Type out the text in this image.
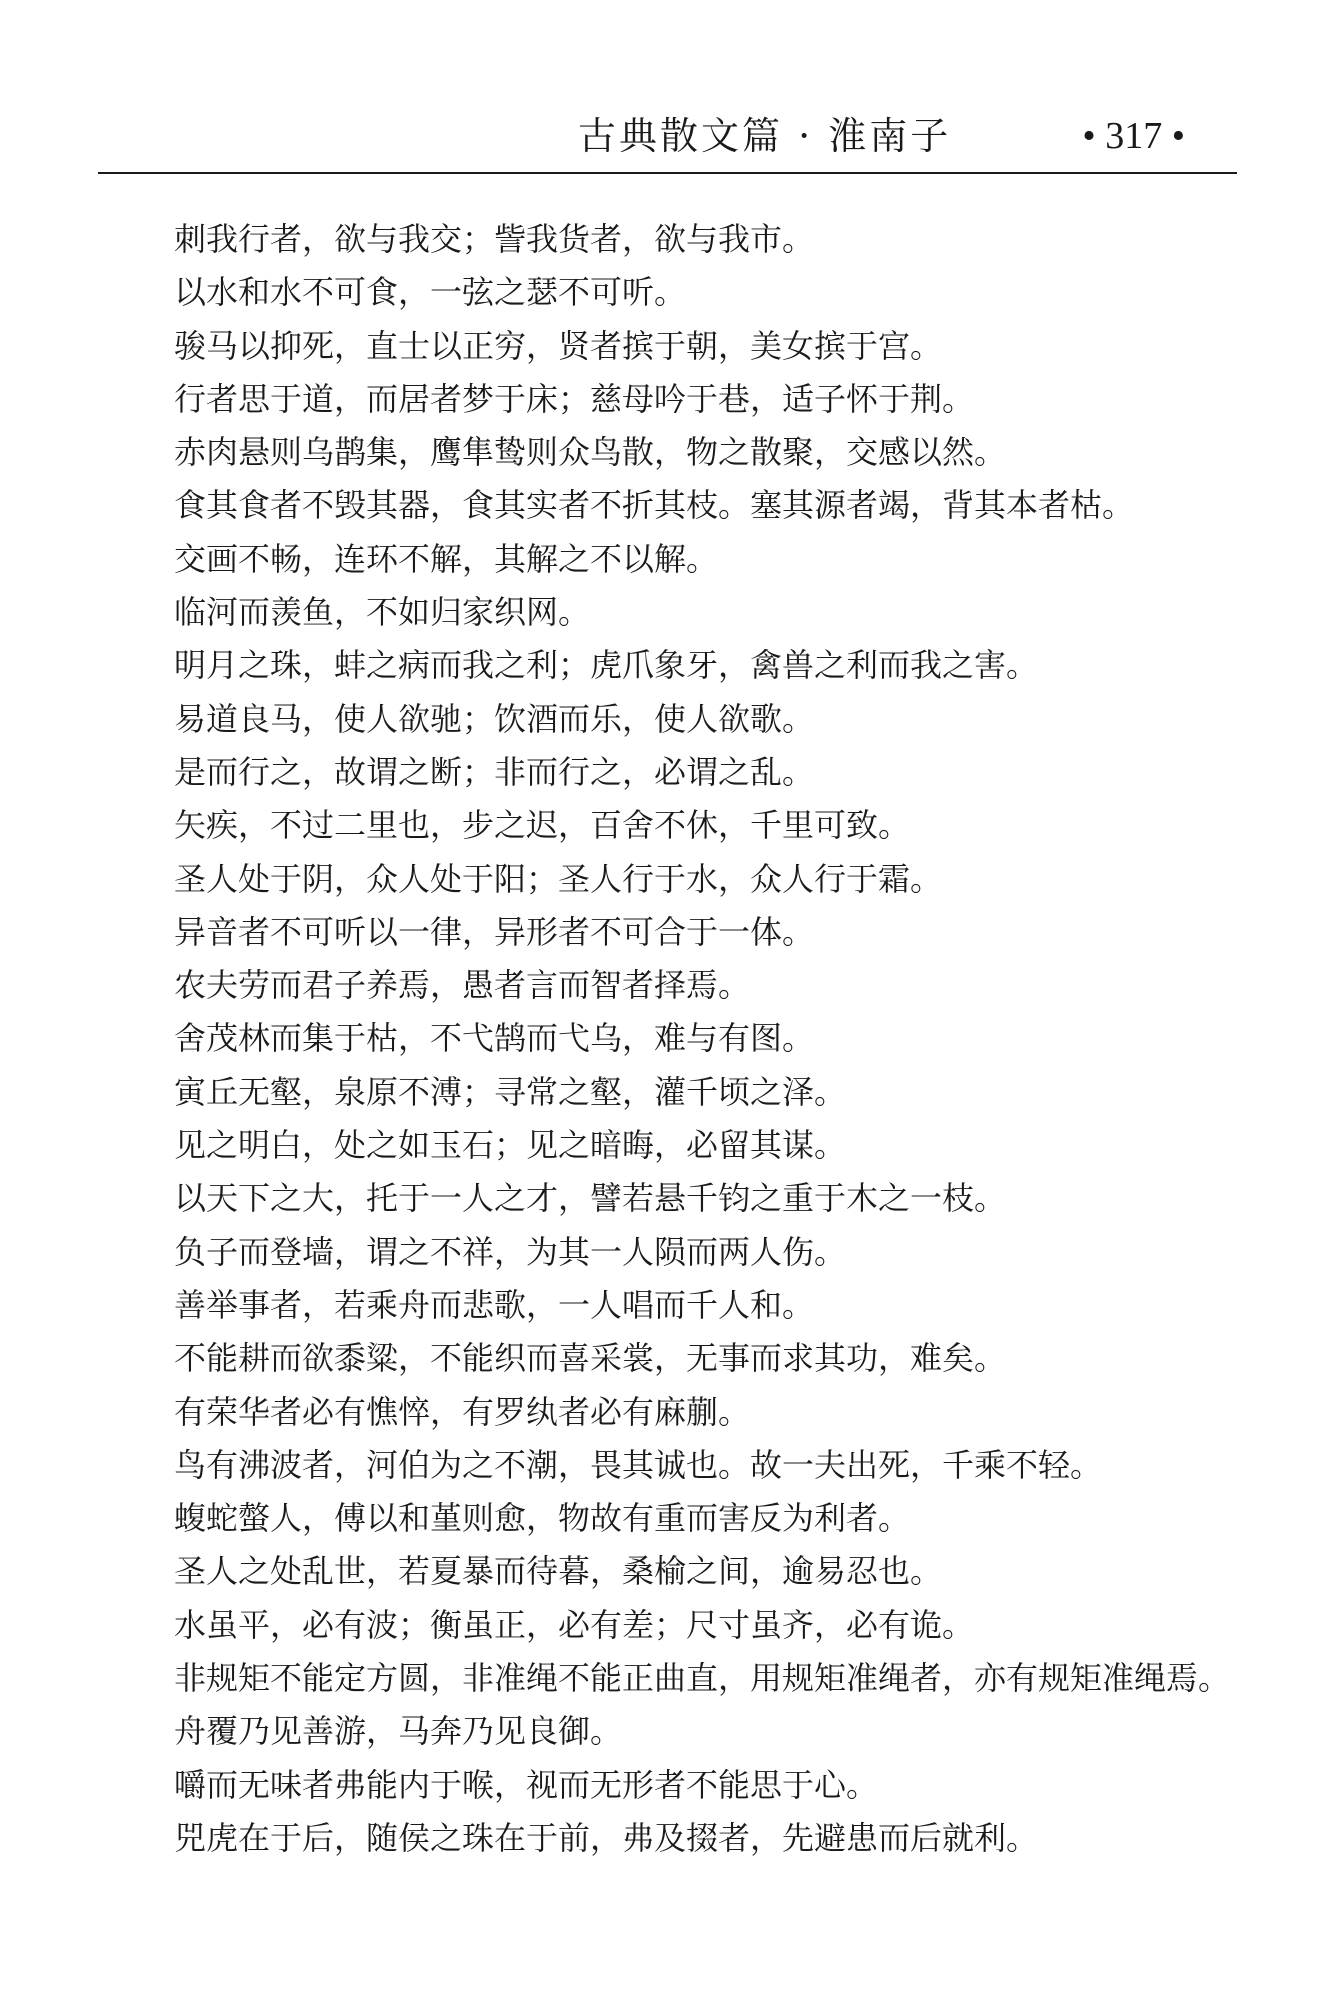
古典散文篇 · 淮南子	• 317 •

刺我行者，欲与我交；訾我货者，欲与我市。

以水和水不可食，一弦之瑟不可听。

骏马以抑死，直士以正穷，贤者摈于朝，美女摈于宫。

行者思于道，而居者梦于床；慈母吟于巷，适子怀于荆。

赤肉悬则乌鹊集，鹰隼鸷则众鸟散，物之散聚，交感以然。

食其食者不毁其器，食其实者不折其枝。塞其源者竭，背其本者枯。

交画不畅，连环不解，其解之不以解。

临河而羡鱼，不如归家织网。

明月之珠，蚌之病而我之利；虎爪象牙，禽兽之利而我之害。

易道良马，使人欲驰；饮酒而乐，使人欲歌。

是而行之，故谓之断；非而行之，必谓之乱。

矢疾，不过二里也，步之迟，百舍不休，千里可致。

圣人处于阴，众人处于阳；圣人行于水，众人行于霜。

异音者不可听以一律，异形者不可合于一体。

农夫劳而君子养焉，愚者言而智者择焉。

舍茂林而集于枯，不弋鹄而弋乌，难与有图。

寅丘无壑，泉原不溥；寻常之壑，灌千顷之泽。

见之明白，处之如玉石；见之暗晦，必留其谋。

以天下之大，托于一人之才，譬若悬千钧之重于木之一枝。

负子而登墙，谓之不祥，为其一人陨而两人伤。

善举事者，若乘舟而悲歌，一人唱而千人和。

不能耕而欲黍粱，不能织而喜采裳，无事而求其功，难矣。

有荣华者必有憔悴，有罗纨者必有麻蒯。

鸟有沸波者，河伯为之不潮，畏其诚也。故一夫出死，千乘不轻。

蝮蛇螫人，傅以和堇则愈，物故有重而害反为利者。

圣人之处乱世，若夏暴而待暮，桑榆之间，逾易忍也。

水虽平，必有波；衡虽正，必有差；尺寸虽齐，必有诡。

非规矩不能定方圆，非准绳不能正曲直，用规矩准绳者，亦有规矩准绳焉。

舟覆乃见善游，马奔乃见良御。

嚼而无味者弗能内于喉，视而无形者不能思于心。

兕虎在于后，随侯之珠在于前，弗及掇者，先避患而后就利。
